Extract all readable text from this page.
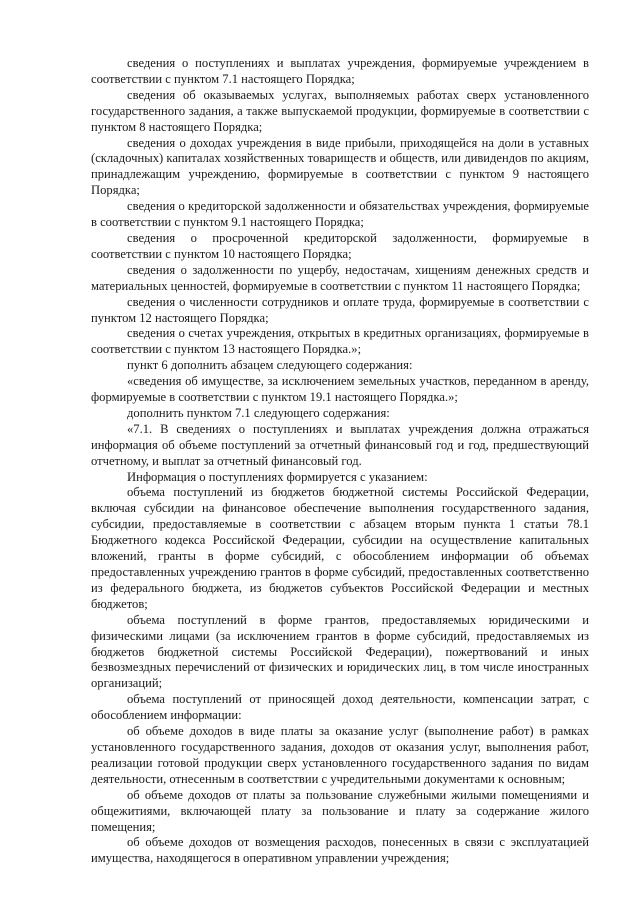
сведения о поступлениях и выплатах учреждения, формируемые учреждением в соответствии с пунктом 7.1 настоящего Порядка;

сведения об оказываемых услугах, выполняемых работах сверх установленного государственного задания, а также выпускаемой продукции, формируемые в соответствии с пунктом 8 настоящего Порядка;

сведения о доходах учреждения в виде прибыли, приходящейся на доли в уставных (складочных) капиталах хозяйственных товариществ и обществ, или дивидендов по акциям, принадлежащим учреждению, формируемые в соответствии с пунктом 9 настоящего Порядка;

сведения о кредиторской задолженности и обязательствах учреждения, формируемые в соответствии с пунктом 9.1 настоящего Порядка;

сведения о просроченной кредиторской задолженности, формируемые в соответствии с пунктом 10 настоящего Порядка;

сведения о задолженности по ущербу, недостачам, хищениям денежных средств и материальных ценностей, формируемые в соответствии с пунктом 11 настоящего Порядка;

сведения о численности сотрудников и оплате труда, формируемые в соответствии с пунктом 12 настоящего Порядка;

сведения о счетах учреждения, открытых в кредитных организациях, формируемые в соответствии с пунктом 13 настоящего Порядка.»;

пункт 6 дополнить абзацем следующего содержания:

«сведения об имуществе, за исключением земельных участков, переданном в аренду, формируемые в соответствии с пунктом 19.1 настоящего Порядка.»;

дополнить пунктом 7.1 следующего содержания:

«7.1. В сведениях о поступлениях и выплатах учреждения должна отражаться информация об объеме поступлений за отчетный финансовый год и год, предшествующий отчетному, и выплат за отчетный финансовый год.

Информация о поступлениях формируется с указанием:

объема поступлений из бюджетов бюджетной системы Российской Федерации, включая субсидии на финансовое обеспечение выполнения государственного задания, субсидии, предоставляемые в соответствии с абзацем вторым пункта 1 статьи 78.1 Бюджетного кодекса Российской Федерации, субсидии на осуществление капитальных вложений, гранты в форме субсидий, с обособлением информации об объемах предоставленных учреждению грантов в форме субсидий, предоставленных соответственно из федерального бюджета, из бюджетов субъектов Российской Федерации и местных бюджетов;

объема поступлений в форме грантов, предоставляемых юридическими и физическими лицами (за исключением грантов в форме субсидий, предоставляемых из бюджетов бюджетной системы Российской Федерации), пожертвований и иных безвозмездных перечислений от физических и юридических лиц, в том числе иностранных организаций;

объема поступлений от приносящей доход деятельности, компенсации затрат, с обособлением информации:

об объеме доходов в виде платы за оказание услуг (выполнение работ) в рамках установленного государственного задания, доходов от оказания услуг, выполнения работ, реализации готовой продукции сверх установленного государственного задания по видам деятельности, отнесенным в соответствии с учредительными документами к основным;

об объеме доходов от платы за пользование служебными жилыми помещениями и общежитиями, включающей плату за пользование и плату за содержание жилого помещения;

об объеме доходов от возмещения расходов, понесенных в связи с эксплуатацией имущества, находящегося в оперативном управлении учреждения;
